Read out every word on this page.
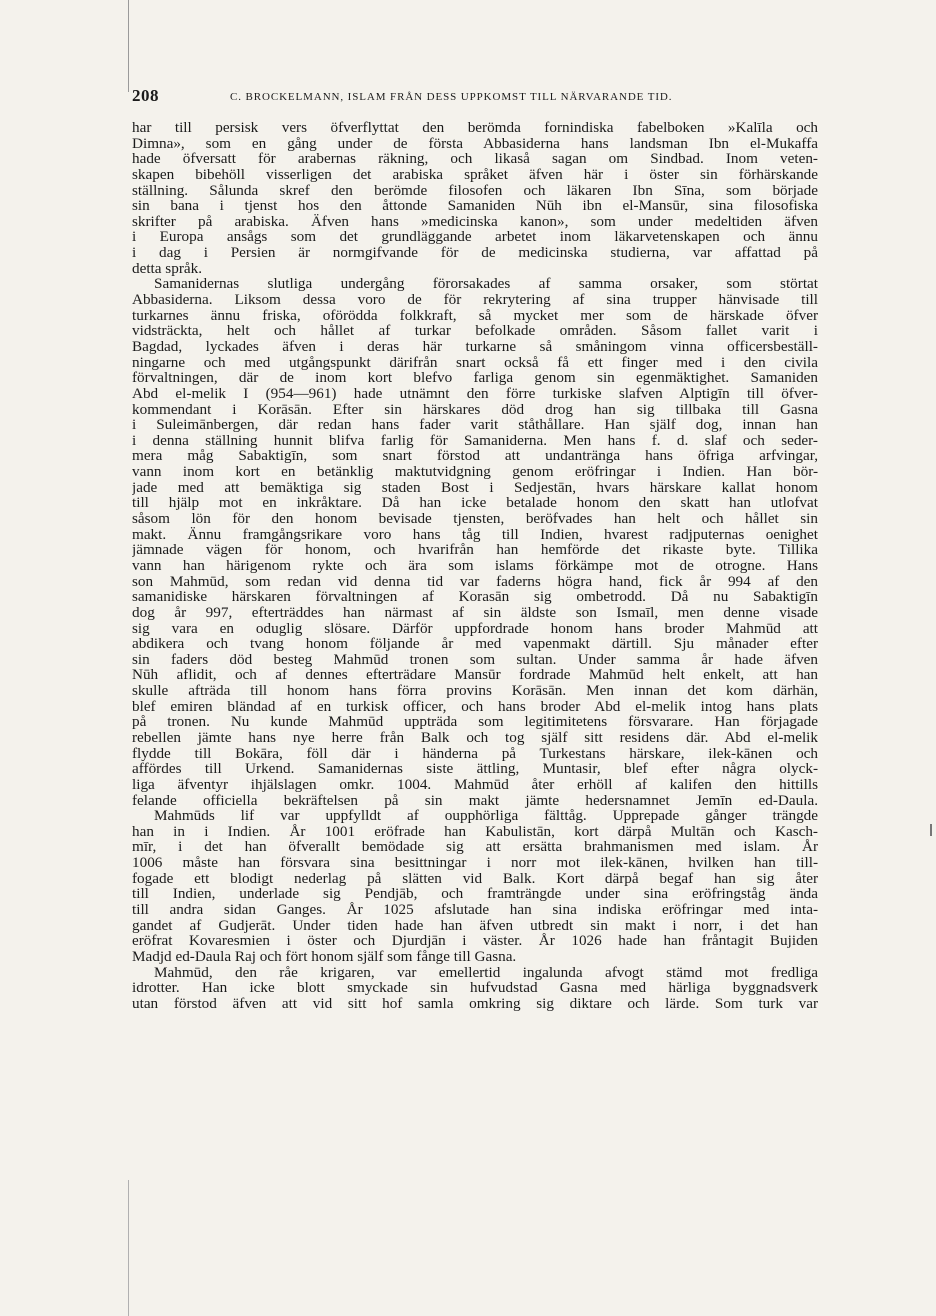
208	C. BROCKELMANN, ISLAM FRÅN DESS UPPKOMST TILL NÄRVARANDE TID.
har till persisk vers öfverflyttat den berömda fornindiska fabelboken »Kalīla och
Dimna», som en gång under de första Abbasiderna hans landsman Ibn el-Mukaffa
hade öfversatt för arabernas räkning, och likaså sagan om Sindbad. Inom veten-
skapen bibehöll visserligen det arabiska språket äfven här i öster sin förhärskande
ställning. Sålunda skref den berömde filosofen och läkaren Ibn Sīna, som började
sin bana i tjenst hos den åttonde Samaniden Nūh ibn el-Mansūr, sina filosofiska
skrifter på arabiska. Äfven hans »medicinska kanon», som under medeltiden äfven
i Europa ansågs som det grundläggande arbetet inom läkarvetenskapen och ännu
i dag i Persien är normgifvande för de medicinska studierna, var affattad på
detta språk.
Samanidernas slutliga undergång förorsakades af samma orsaker, som störtat
Abbasiderna. Liksom dessa voro de för rekrytering af sina trupper hänvisade till
turkarnes ännu friska, oförödda folkkraft, så mycket mer som de härskade öfver
vidsträckta, helt och hållet af turkar befolkade områden. Såsom fallet varit i
Bagdad, lyckades äfven i deras här turkarne så småningom vinna officersbeställ-
ningarne och med utgångspunkt därifrån snart också få ett finger med i den civila
förvaltningen, där de inom kort blefvo farliga genom sin egenmäktighet. Samaniden
Abd el-melik I (954—961) hade utnämnt den förre turkiske slafven Alptigīn till öfver-
kommendant i Korāsān. Efter sin härskares död drog han sig tillbaka till Gasna
i Suleimānbergen, där redan hans fader varit ståthållare. Han själf dog, innan han
i denna ställning hunnit blifva farlig för Samaniderna. Men hans f. d. slaf och seder-
mera måg Sabaktigīn, som snart förstod att undantränga hans öfriga arfvingar,
vann inom kort en betänklig maktutvidgning genom eröfringar i Indien. Han bör-
jade med att bemäktiga sig staden Bost i Sedjestān, hvars härskare kallat honom
till hjälp mot en inkråktare. Då han icke betalade honom den skatt han utlofvat
såsom lön för den honom bevisade tjensten, beröfvades han helt och hållet sin
makt. Ännu framgångsrikare voro hans tåg till Indien, hvarest radjputernas oenighet
jämnade vägen för honom, och hvarifrån han hemförde det rikaste byte. Tillika
vann han härigenom rykte och ära som islams förkämpe mot de otrogne. Hans
son Mahmūd, som redan vid denna tid var faderns högra hand, fick år 994 af den
samanidiske härskaren förvaltningen af Korasān sig ombetrodd. Då nu Sabaktigīn
dog år 997, efterträddes han närmast af sin äldste son Ismaīl, men denne visade
sig vara en oduglig slösare. Därför uppfordrade honom hans broder Mahmūd att
abdikera och tvang honom följande år med vapenmakt därtill. Sju månader efter
sin faders död besteg Mahmūd tronen som sultan. Under samma år hade äfven
Nūh aflidit, och af dennes efterträdare Mansūr fordrade Mahmūd helt enkelt, att han
skulle afträda till honom hans förra provins Korāsān. Men innan det kom därhän,
blef emiren bländad af en turkisk officer, och hans broder Abd el-melik intog hans plats
på tronen. Nu kunde Mahmūd uppträda som legitimitetens försvarare. Han förjagade
rebellen jämte hans nye herre från Balk och tog själf sitt residens där. Abd el-melik
flydde till Bokāra, föll där i händerna på Turkestans härskare, ilek-kānen och
affördes till Urkend. Samanidernas siste ättling, Muntasir, blef efter några olyck-
liga äfventyr ihjälslagen omkr. 1004. Mahmūd åter erhöll af kalifen den hittills
felande officiella bekräftelsen på sin makt jämte hedersnamnet Jemīn ed-Daula.
Mahmūds lif var uppfylldt af oupphörliga fälttåg. Upprepade gånger trängde
han in i Indien. År 1001 eröfrade han Kabulistān, kort därpå Multān och Kasch-
mīr, i det han öfverallt bemödade sig att ersätta brahmanismen med islam. År
1006 måste han försvara sina besittningar i norr mot ilek-kānen, hvilken han till-
fogade ett blodigt nederlag på slätten vid Balk. Kort därpå begaf han sig åter
till Indien, underlade sig Pendjāb, och framträngde under sina eröfringståg ända
till andra sidan Ganges. År 1025 afslutade han sina indiska eröfringar med inta-
gandet af Gudjerāt. Under tiden hade han äfven utbredt sin makt i norr, i det han
eröfrat Kovaresmien i öster och Djurdjān i väster. År 1026 hade han fråntagit Bujiden
Madjd ed-Daula Raj och fört honom själf som fånge till Gasna.
Mahmūd, den råe krigaren, var emellertid ingalunda afvogt stämd mot fredliga
idrotter. Han icke blott smyckade sin hufvudstad Gasna med härliga byggnadsverk
utan förstod äfven att vid sitt hof samla omkring sig diktare och lärde. Som turk var
